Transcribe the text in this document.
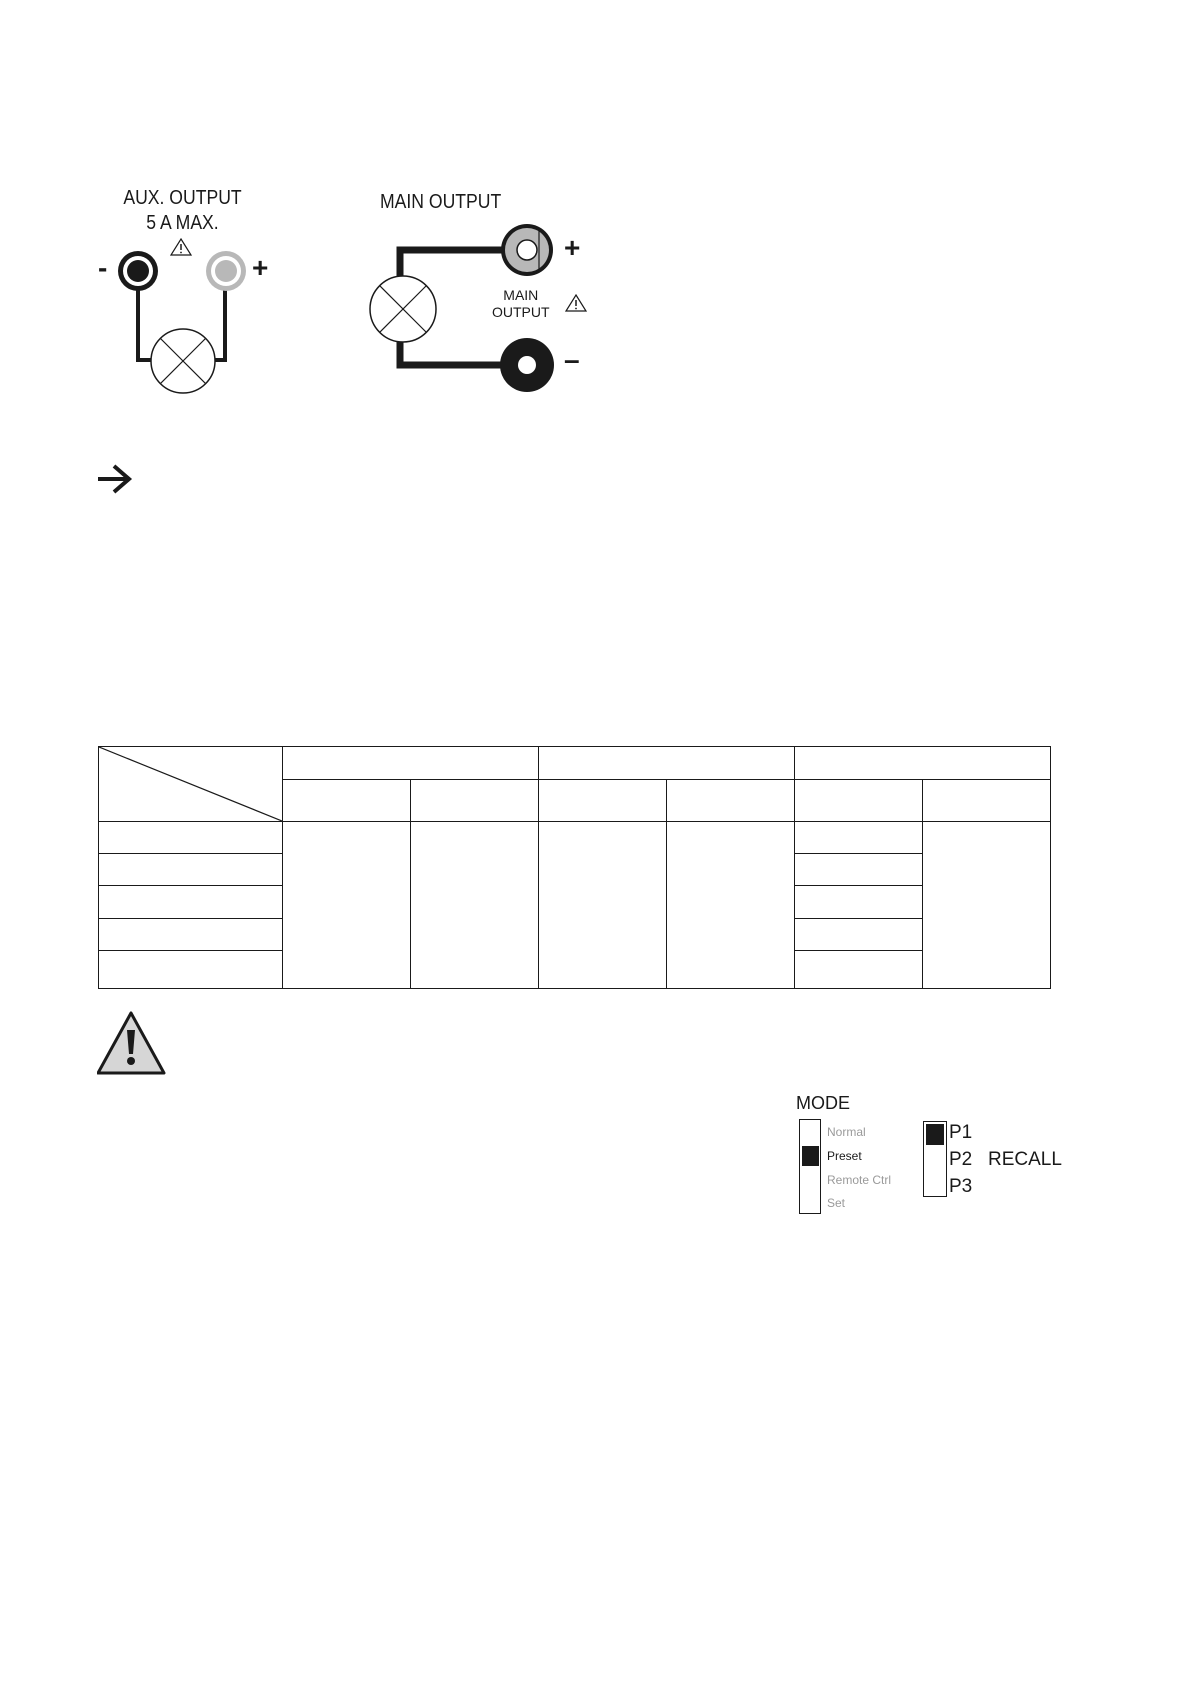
AUX. OUTPUT
5 A MAX.
-	+
MAIN OUTPUT
+
–
MAIN
OUTPUT

MODE
Normal
Preset
Remote Ctrl
Set
P1
P2
P3
RECALL
